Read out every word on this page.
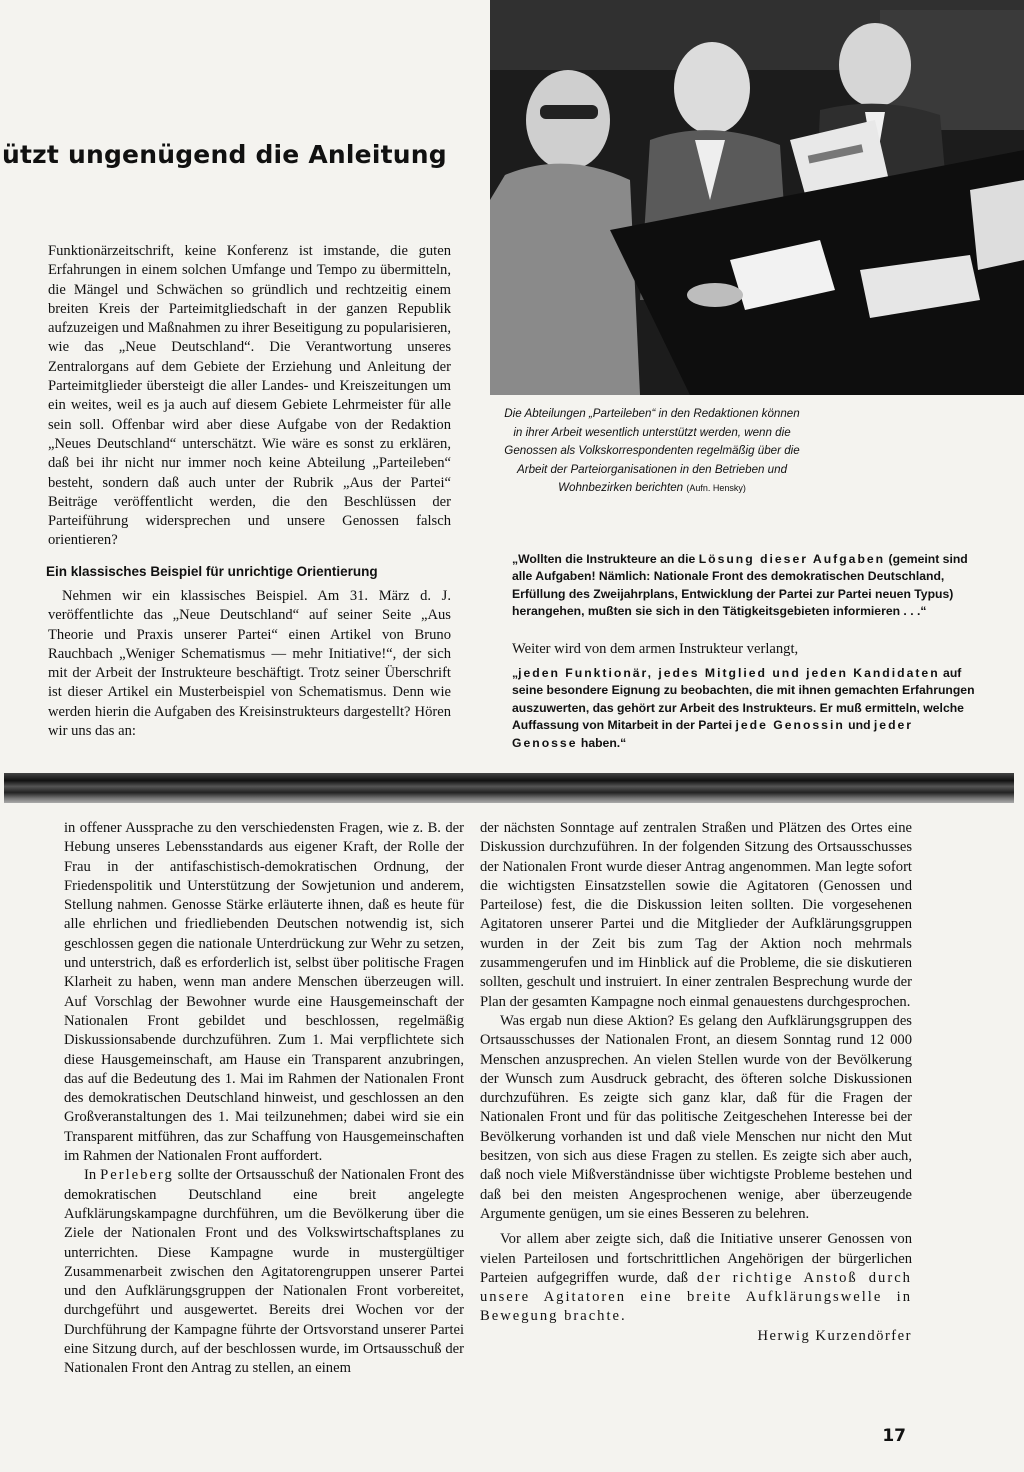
ützt ungenügend die Anleitung
Die Abteilungen „Parteileben“ in den Redaktionen können in ihrer Arbeit wesentlich unterstützt werden, wenn die Genossen als Volkskorrespondenten regelmäßig über die Arbeit der Parteiorganisationen in den Betrieben und Wohnbezirken berichten (Aufn. Hensky)
Funktionärzeitschrift, keine Konferenz ist imstande, die guten Erfahrungen in einem solchen Umfange und Tempo zu übermitteln, die Mängel und Schwächen so gründlich und rechtzeitig einem breiten Kreis der Parteimitgliedschaft in der ganzen Republik aufzuzeigen und Maßnahmen zu ihrer Beseitigung zu popularisieren, wie das „Neue Deutschland“. Die Verantwortung unseres Zentralorgans auf dem Gebiete der Erziehung und Anleitung der Parteimitglieder übersteigt die aller Landes- und Kreiszeitungen um ein weites, weil es ja auch auf diesem Gebiete Lehrmeister für alle sein soll. Offenbar wird aber diese Aufgabe von der Redaktion „Neues Deutschland“ unterschätzt. Wie wäre es sonst zu erklären, daß bei ihr nicht nur immer noch keine Abteilung „Parteileben“ besteht, sondern daß auch unter der Rubrik „Aus der Partei“ Beiträge veröffentlicht werden, die den Beschlüssen der Parteiführung widersprechen und unsere Genossen falsch orientieren?
Ein klassisches Beispiel für unrichtige Orientierung
Nehmen wir ein klassisches Beispiel. Am 31. März d. J. veröffentlichte das „Neue Deutschland“ auf seiner Seite „Aus Theorie und Praxis unserer Partei“ einen Artikel von Bruno Rauchbach „Weniger Schematismus — mehr Initiative!“, der sich mit der Arbeit der Instrukteure beschäftigt. Trotz seiner Überschrift ist dieser Artikel ein Musterbeispiel von Schematismus. Denn wie werden hierin die Aufgaben des Kreisinstrukteurs dargestellt? Hören wir uns das an:
„Wollten die Instrukteure an die Lösung dieser Aufgaben (gemeint sind alle Aufgaben! Nämlich: Nationale Front des demokratischen Deutschland, Erfüllung des Zweijahrplans, Entwicklung der Partei zur Partei neuen Typus) herangehen, mußten sie sich in den Tätigkeitsgebieten informieren . . .“
Weiter wird von dem armen Instrukteur verlangt,
„jeden Funktionär, jedes Mitglied und jeden Kandidaten auf seine besondere Eignung zu beobachten, die mit ihnen gemachten Erfahrungen auszuwerten, das gehört zur Arbeit des Instrukteurs. Er muß ermitteln, welche Auffassung von Mitarbeit in der Partei jede Genossin und jeder Genosse haben.“

in offener Aussprache zu den verschiedensten Fragen, wie z. B. der Hebung unseres Lebensstandards aus eigener Kraft, der Rolle der Frau in der antifaschistisch-demokratischen Ordnung, der Friedenspolitik und Unterstützung der Sowjetunion und anderem, Stellung nahmen. Genosse Stärke erläuterte ihnen, daß es heute für alle ehrlichen und friedliebenden Deutschen notwendig ist, sich geschlossen gegen die nationale Unterdrückung zur Wehr zu setzen, und unterstrich, daß es erforderlich ist, selbst über politische Fragen Klarheit zu haben, wenn man andere Menschen überzeugen will. Auf Vorschlag der Bewohner wurde eine Hausgemeinschaft der Nationalen Front gebildet und beschlossen, regelmäßig Diskussionsabende durchzuführen. Zum 1. Mai verpflichtete sich diese Hausgemeinschaft, am Hause ein Transparent anzubringen, das auf die Bedeutung des 1. Mai im Rahmen der Nationalen Front des demokratischen Deutschland hinweist, und geschlossen an den Großveranstaltungen des 1. Mai teilzunehmen; dabei wird sie ein Transparent mitführen, das zur Schaffung von Hausgemeinschaften im Rahmen der Nationalen Front auffordert.

In Perleberg sollte der Ortsausschuß der Nationalen Front des demokratischen Deutschland eine breit angelegte Aufklärungskampagne durchführen, um die Bevölkerung über die Ziele der Nationalen Front und des Volkswirtschaftsplanes zu unterrichten. Diese Kampagne wurde in mustergültiger Zusammenarbeit zwischen den Agitatorengruppen unserer Partei und den Aufklärungsgruppen der Nationalen Front vorbereitet, durchgeführt und ausgewertet. Bereits drei Wochen vor der Durchführung der Kampagne führte der Ortsvorstand unserer Partei eine Sitzung durch, auf der beschlossen wurde, im Ortsausschuß der Nationalen Front den Antrag zu stellen, an einem

der nächsten Sonntage auf zentralen Straßen und Plätzen des Ortes eine Diskussion durchzuführen. In der folgenden Sitzung des Ortsausschusses der Nationalen Front wurde dieser Antrag angenommen. Man legte sofort die wichtigsten Einsatzstellen sowie die Agitatoren (Genossen und Parteilose) fest, die die Diskussion leiten sollten. Die vorgesehenen Agitatoren unserer Partei und die Mitglieder der Aufklärungsgruppen wurden in der Zeit bis zum Tag der Aktion noch mehrmals zusammengerufen und im Hinblick auf die Probleme, die sie diskutieren sollten, geschult und instruiert. In einer zentralen Besprechung wurde der Plan der gesamten Kampagne noch einmal genauestens durchgesprochen.

Was ergab nun diese Aktion? Es gelang den Aufklärungsgruppen des Ortsausschusses der Nationalen Front, an diesem Sonntag rund 12 000 Menschen anzusprechen. An vielen Stellen wurde von der Bevölkerung der Wunsch zum Ausdruck gebracht, des öfteren solche Diskussionen durchzuführen. Es zeigte sich ganz klar, daß für die Fragen der Nationalen Front und für das politische Zeitgeschehen Interesse bei der Bevölkerung vorhanden ist und daß viele Menschen nur nicht den Mut besitzen, von sich aus diese Fragen zu stellen. Es zeigte sich aber auch, daß noch viele Mißverständnisse über wichtigste Probleme bestehen und daß bei den meisten Angesprochenen wenige, aber überzeugende Argumente genügen, um sie eines Besseren zu belehren.

Vor allem aber zeigte sich, daß die Initiative unserer Genossen von vielen Parteilosen und fortschrittlichen Angehörigen der bürgerlichen Parteien aufgegriffen wurde, daß der richtige Anstoß durch unsere Agitatoren eine breite Aufklärungswelle in Bewegung brachte.

Herwig Kurzendörfer

17
